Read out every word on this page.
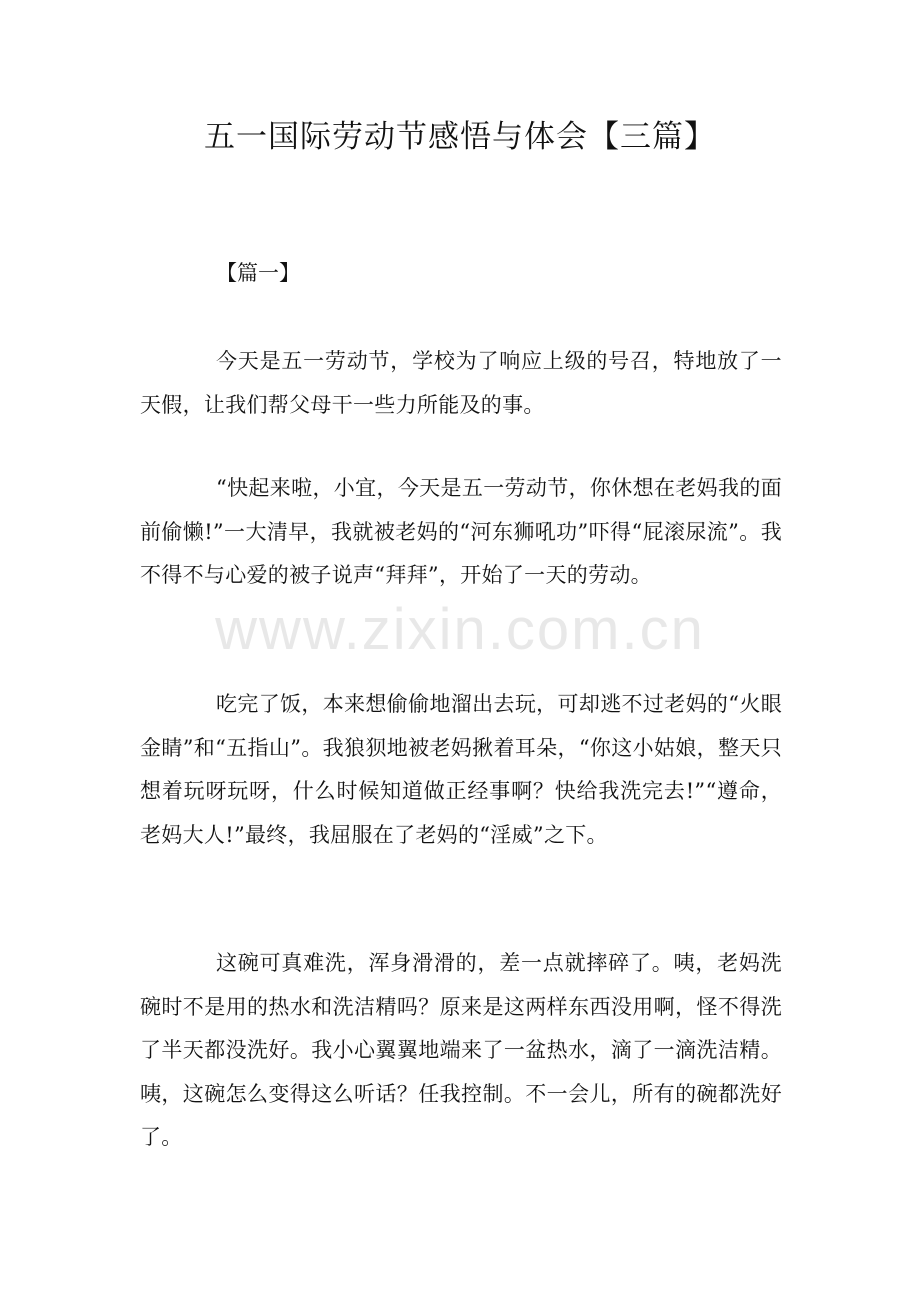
五一国际劳动节感悟与体会【三篇】

【篇一】

今天是五一劳动节，学校为了响应上级的号召，特地放了一天假，让我们帮父母干一些力所能及的事。

“快起来啦，小宜，今天是五一劳动节，你休想在老妈我的面前偷懒!”一大清早，我就被老妈的“河东狮吼功”吓得“屁滚尿流”。我不得不与心爱的被子说声“拜拜”，开始了一天的劳动。

吃完了饭，本来想偷偷地溜出去玩，可却逃不过老妈的“火眼金睛”和“五指山”。我狼狈地被老妈揪着耳朵，“你这小姑娘，整天只想着玩呀玩呀，什么时候知道做正经事啊？快给我洗完去!”“遵命，老妈大人!”最终，我屈服在了老妈的“淫威”之下。

这碗可真难洗，浑身滑滑的，差一点就摔碎了。咦，老妈洗碗时不是用的热水和洗洁精吗？原来是这两样东西没用啊，怪不得洗了半天都没洗好。我小心翼翼地端来了一盆热水，滴了一滴洗洁精。咦，这碗怎么变得这么听话？任我控制。不一会儿，所有的碗都洗好了。

www.zixin.com.cn
